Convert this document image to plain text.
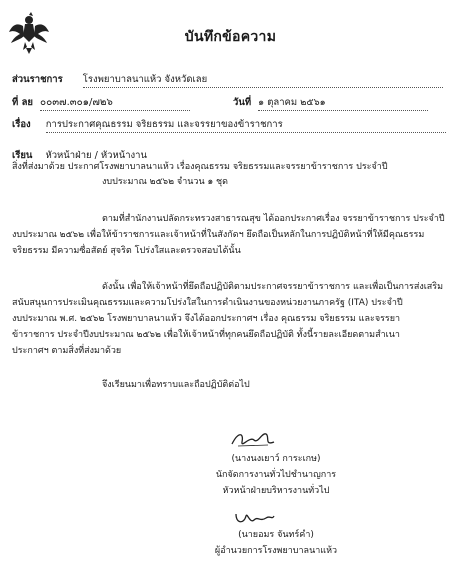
บันทึกข้อความ
ส่วนราชการ โรงพยาบาลนาแห้ว จังหวัดเลย
ที่ ลย ๐๐๓๗.๓๐๑/๗๒๖	วันที่ ๑ ตุลาคม ๒๕๖๑
เรื่อง การประกาศคุณธรรม จริยธรรม และจรรยาของข้าราชการ
เรียน หัวหน้าฝ่าย / หัวหน้างาน
สิ่งที่ส่งมาด้วย ประกาศโรงพยาบาลนาแห้ว เรื่องคุณธรรม จริยธรรมและจรรยาข้าราชการ ประจำปี
งบประมาณ ๒๕๖๒ จำนวน ๑ ชุด
ตามที่สำนักงานปลัดกระทรวงสาธารณสุข ได้ออกประกาศเรื่อง จรรยาข้าราชการ ประจำปี
งบประมาณ ๒๕๖๒ เพื่อให้ข้าราชการและเจ้าหน้าที่ในสังกัดฯ ยึดถือเป็นหลักในการปฏิบัติหน้าที่ให้มีคุณธรรม
จริยธรรม มีความซื่อสัตย์ สุจริต โปร่งใสและตรวจสอบได้นั้น
ดังนั้น เพื่อให้เจ้าหน้าที่ยึดถือปฏิบัติตามประกาศจรรยาข้าราชการ และเพื่อเป็นการส่งเสริม
สนับสนุนการประเมินคุณธรรมและความโปร่งใสในการดำเนินงานของหน่วยงานภาครัฐ (ITA) ประจำปี
งบประมาณ พ.ศ. ๒๕๖๒ โรงพยาบาลนาแห้ว จึงได้ออกประกาศฯ เรื่อง คุณธรรม จริยธรรม และจรรยา
ข้าราชการ ประจำปีงบประมาณ ๒๕๖๒ เพื่อให้เจ้าหน้าที่ทุกคนยึดถือปฏิบัติ ทั้งนี้รายละเอียดตามสำเนา
ประกาศฯ ตามสิ่งที่ส่งมาด้วย
จึงเรียนมาเพื่อทราบและถือปฏิบัติต่อไป
(นางนงเยาว์ การะเกษ)
นักจัดการงานทั่วไปชำนาญการ
หัวหน้าฝ่ายบริหารงานทั่วไป
(นายอมร จันทร์คำ)
ผู้อำนวยการโรงพยาบาลนาแห้ว
